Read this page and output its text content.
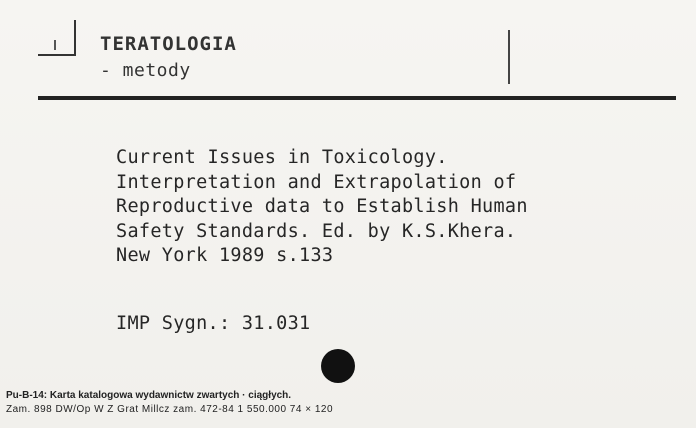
TERATOLOGIA
- metody
Current Issues in Toxicology.
Interpretation and Extrapolation of
Reproductive data to Establish Human
Safety Standards. Ed. by K.S.Khera.
New York 1989 s.133
IMP Sygn.: 31.031
Pu-B-14: Karta katalogowa wydawnictw zwartych · ciągłych.
Zam. 898 DW/Op W Z Grat Millcz zam. 472-84 1 550.000 74 × 120
